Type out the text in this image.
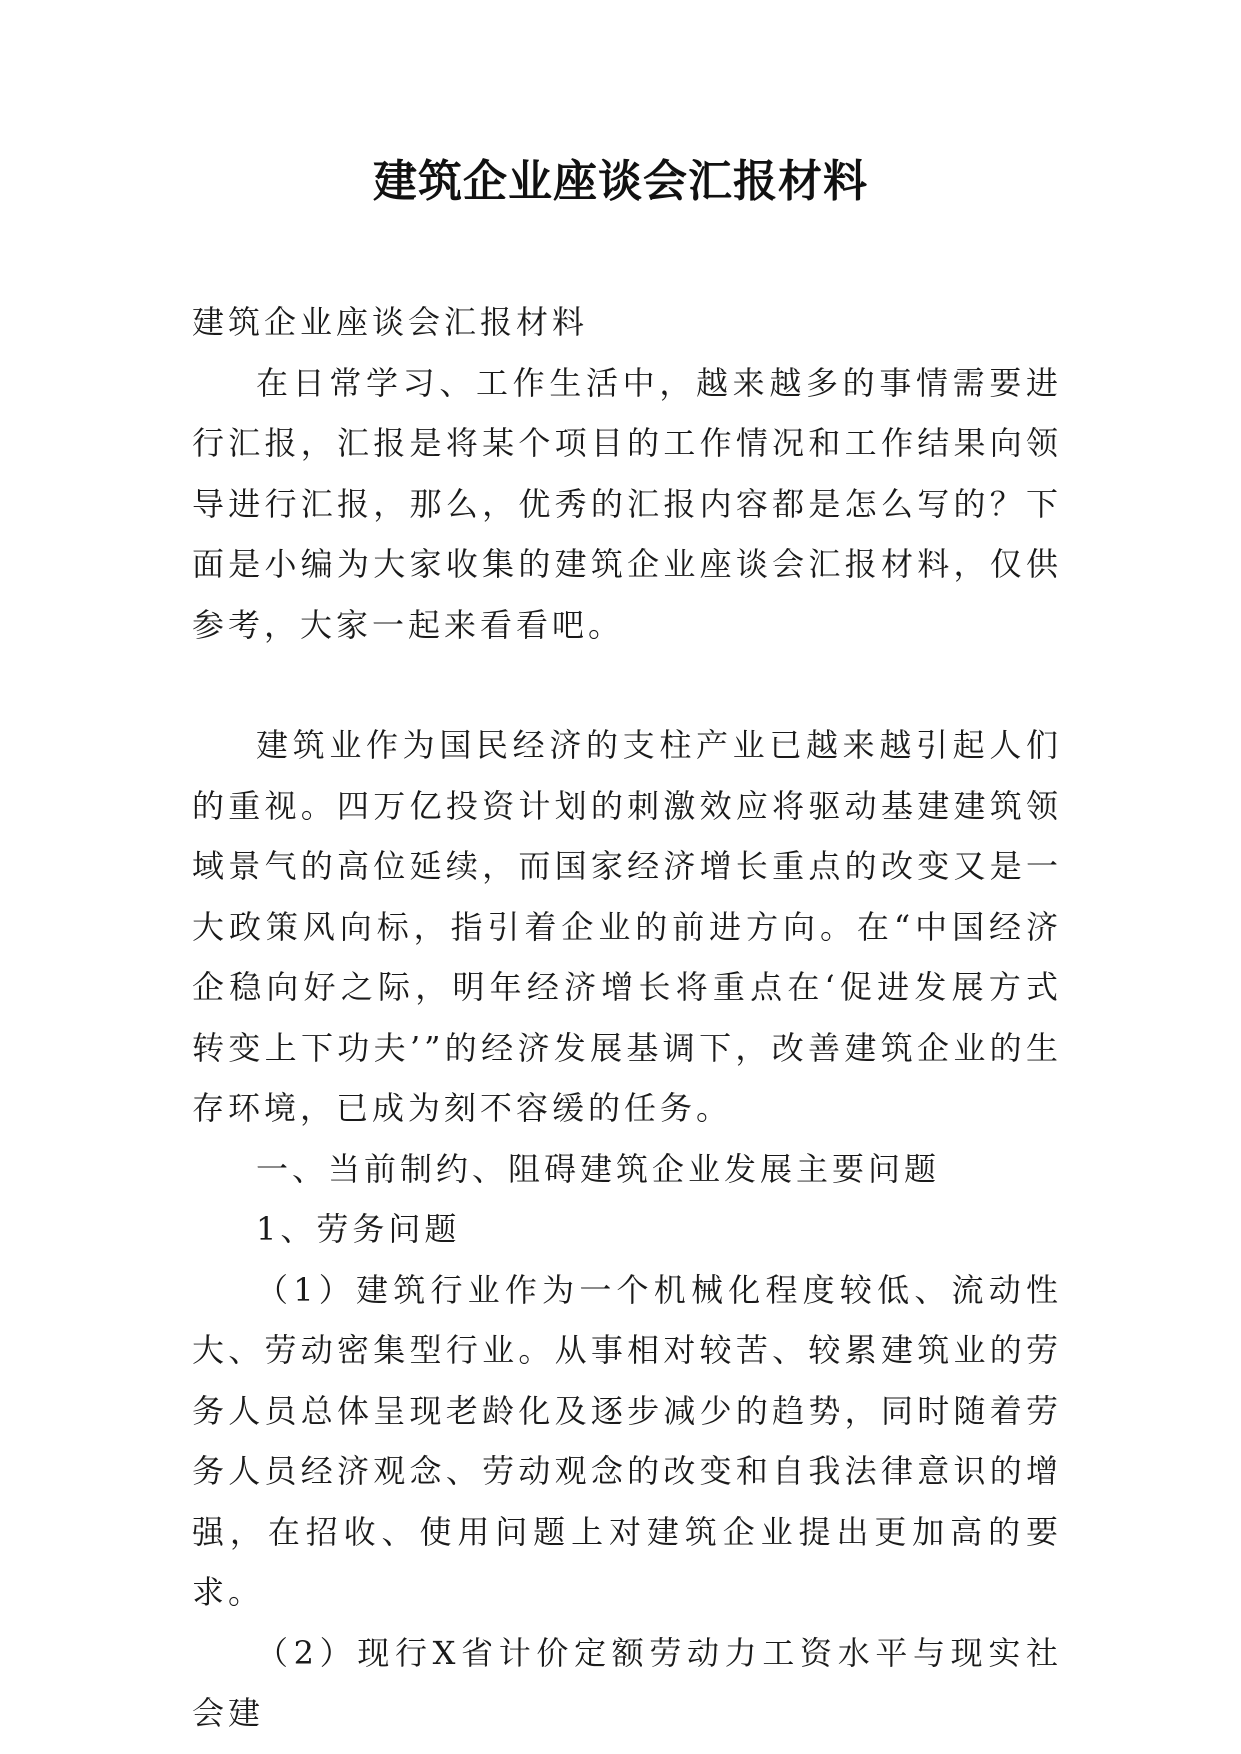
建筑企业座谈会汇报材料

建筑企业座谈会汇报材料

在日常学习、工作生活中，越来越多的事情需要进行汇报，汇报是将某个项目的工作情况和工作结果向领导进行汇报，那么，优秀的汇报内容都是怎么写的？下面是小编为大家收集的建筑企业座谈会汇报材料，仅供参考，大家一起来看看吧。

建筑业作为国民经济的支柱产业已越来越引起人们的重视。四万亿投资计划的刺激效应将驱动基建建筑领域景气的高位延续，而国家经济增长重点的改变又是一大政策风向标，指引着企业的前进方向。在“中国经济企稳向好之际，明年经济增长将重点在‘促进发展方式转变上下功夫’”的经济发展基调下，改善建筑企业的生存环境，已成为刻不容缓的任务。

一、当前制约、阻碍建筑企业发展主要问题

1、劳务问题

（1）建筑行业作为一个机械化程度较低、流动性大、劳动密集型行业。从事相对较苦、较累建筑业的劳务人员总体呈现老龄化及逐步减少的趋势，同时随着劳务人员经济观念、劳动观念的改变和自我法律意识的增强，在招收、使用问题上对建筑企业提出更加高的要求。

（2）现行X省计价定额劳动力工资水平与现实社会建
